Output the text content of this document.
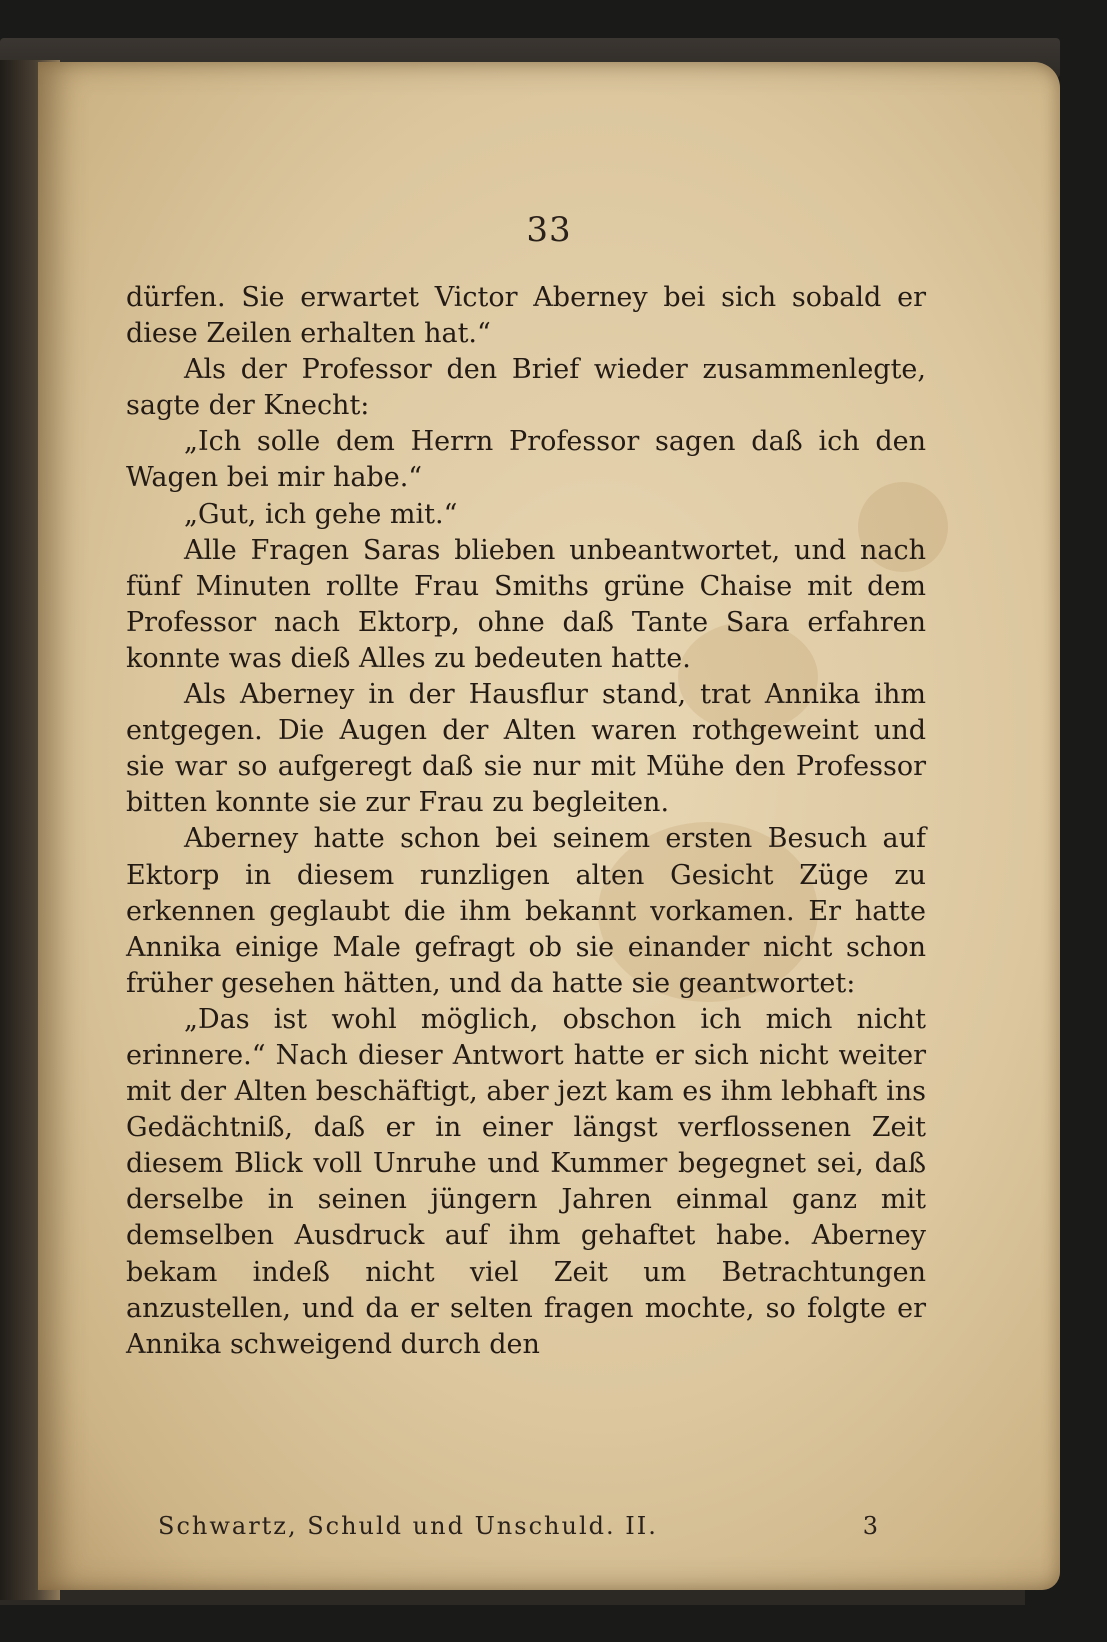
33

dürfen. Sie erwartet Victor Aberney bei sich sobald er diese Zeilen erhalten hat.“

Als der Professor den Brief wieder zusammenlegte, sagte der Knecht:

„Ich solle dem Herrn Professor sagen daß ich den Wagen bei mir habe.“

„Gut, ich gehe mit.“

Alle Fragen Saras blieben unbeantwortet, und nach fünf Minuten rollte Frau Smiths grüne Chaise mit dem Professor nach Ektorp, ohne daß Tante Sara erfahren konnte was dieß Alles zu bedeuten hatte.

Als Aberney in der Hausflur stand, trat Annika ihm entgegen. Die Augen der Alten waren rothgeweint und sie war so aufgeregt daß sie nur mit Mühe den Professor bitten konnte sie zur Frau zu begleiten.

Aberney hatte schon bei seinem ersten Besuch auf Ektorp in diesem runzligen alten Gesicht Züge zu erkennen geglaubt die ihm bekannt vorkamen. Er hatte Annika einige Male gefragt ob sie einander nicht schon früher gesehen hätten, und da hatte sie geantwortet:

„Das ist wohl möglich, obschon ich mich nicht erinnere.“ Nach dieser Antwort hatte er sich nicht weiter mit der Alten beschäftigt, aber jezt kam es ihm lebhaft ins Gedächtniß, daß er in einer längst verflossenen Zeit diesem Blick voll Unruhe und Kummer begegnet sei, daß derselbe in seinen jüngern Jahren einmal ganz mit demselben Ausdruck auf ihm gehaftet habe. Aberney bekam indeß nicht viel Zeit um Betrachtungen anzustellen, und da er selten fragen mochte, so folgte er Annika schweigend durch den

Schwartz, Schuld und Unschuld. II.	3
